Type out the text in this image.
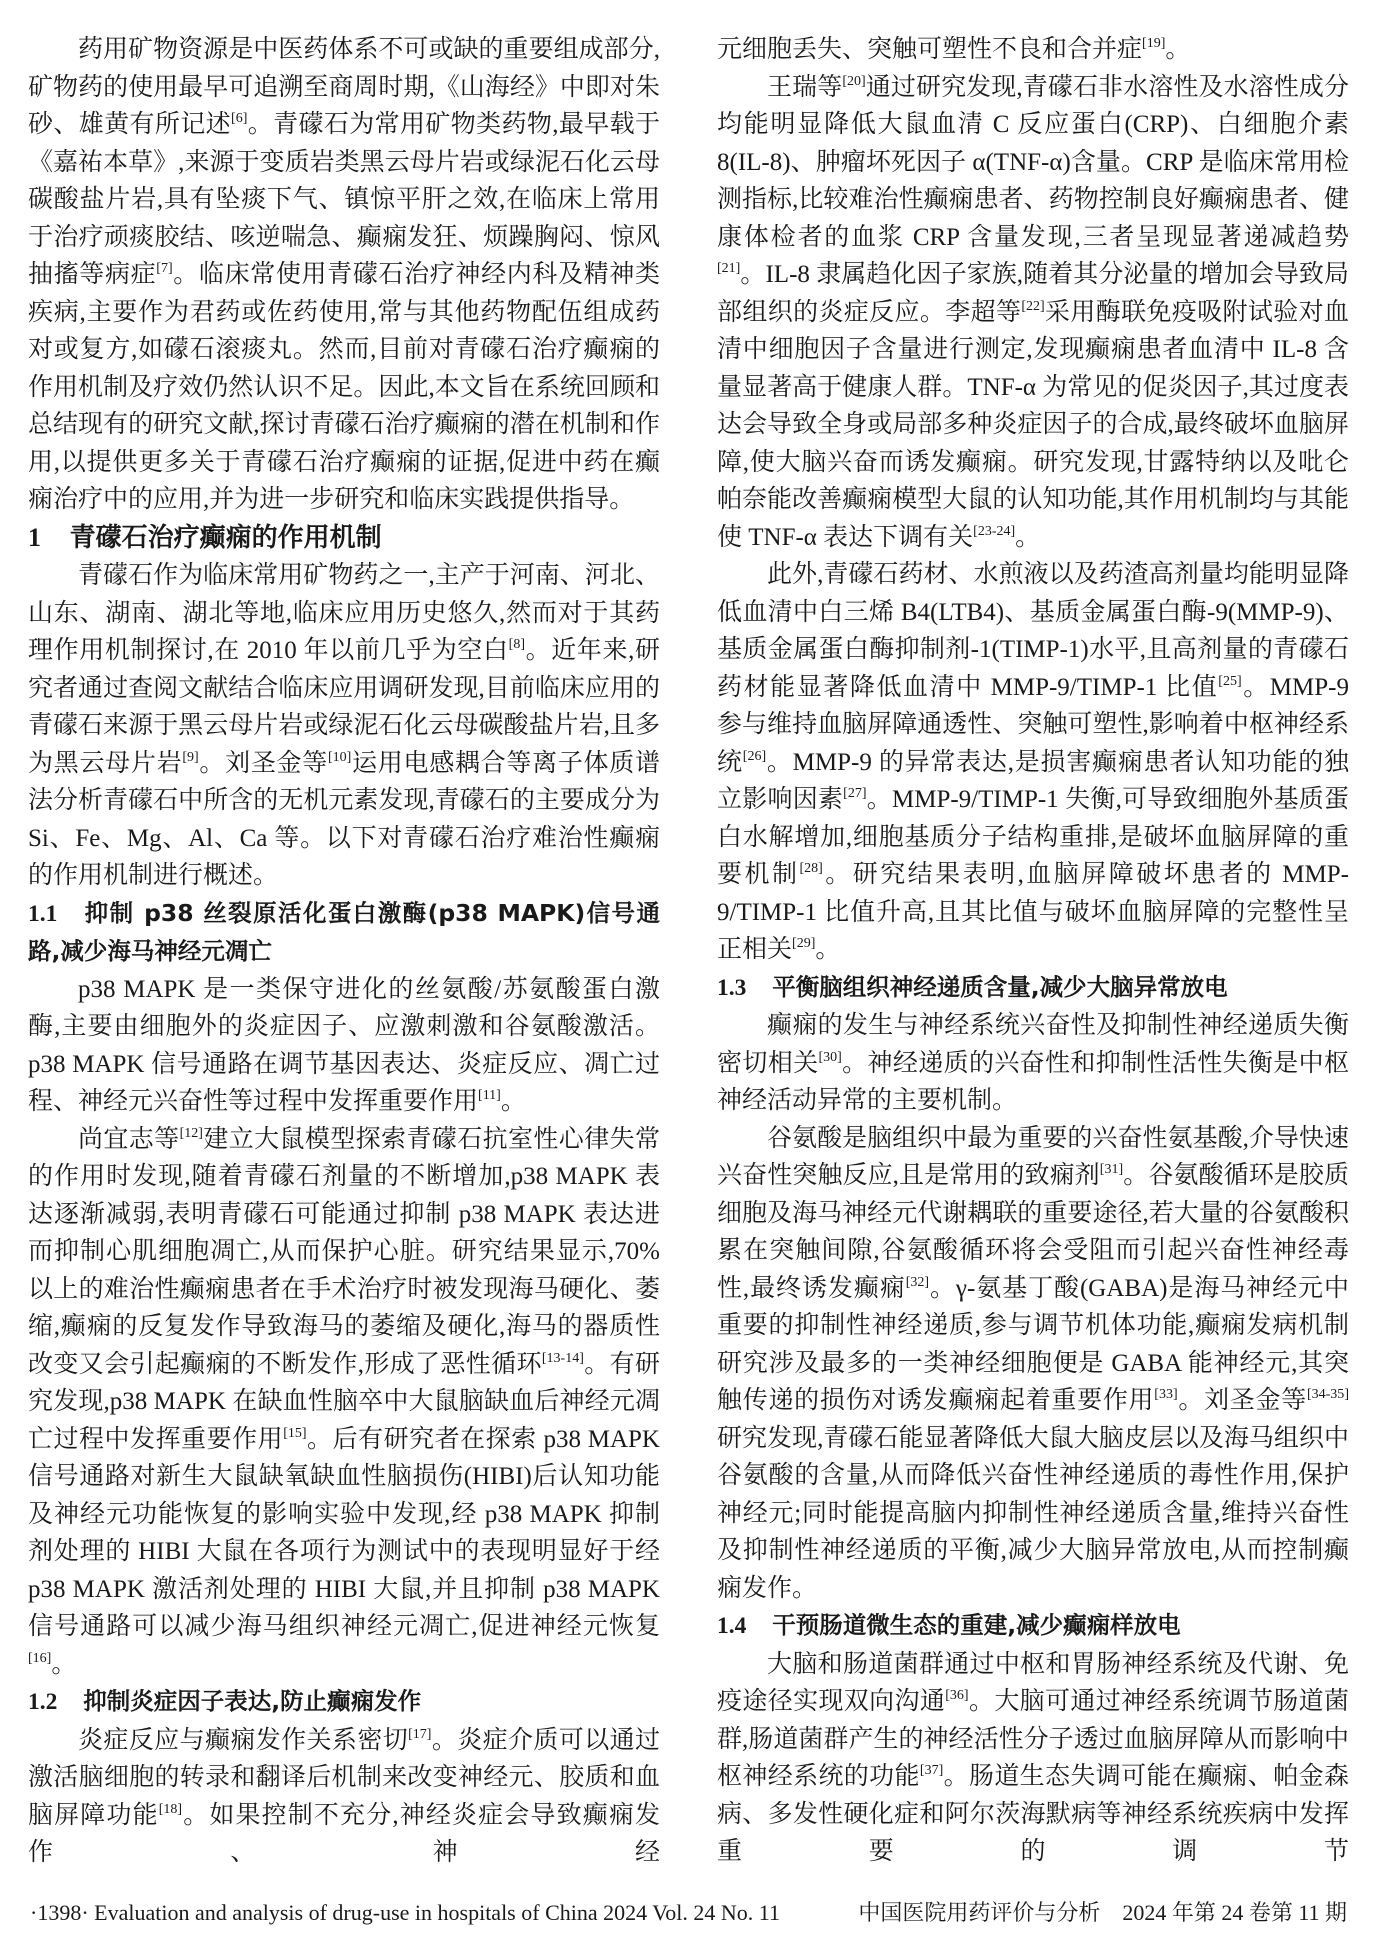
药用矿物资源是中医药体系不可或缺的重要组成部分,矿物药的使用最早可追溯至商周时期,《山海经》中即对朱砂、雄黄有所记述 [ $^6$ ] 。青礞石为常用矿物类药物,最早载于《嘉祐本草》,来源于变质岩类黑云母片岩或绿泥石化云母碳酸盐片岩,具有坠痰下气、镇惊平肝之效,在临床上常用于治疗顽痰胶结、咳逆喘急、癫痫发狂、烦躁胸闷、惊风抽搐等病症 [ $^7$ ] 。临床常使用青礞石治疗神经内科及精神类疾病,主要作为君药或佐药使用,常与其他药物配伍组成药对或复方,如礞石滚痰丸。然而,目前对青礞石治疗癫痫的作用机制及疗效仍然认识不足。因此,本文旨在系统回顾和总结现有的研究文献,探讨青礞石治疗癫痫的潜在机制和作用,以提供更多关于青礞石治疗癫痫的证据,促进中药在癫痫治疗中的应用,并为进一步研究和临床实践提供指导。

1 青礞石治疗癫痫的作用机制

青礞石作为临床常用矿物药之一,主产于河南、河北、山东、湖南、湖北等地,临床应用历史悠久,然而对于其药理作用机制探讨,在 2010 年以前几乎为空白 [ $^8$ ] 。近年来,研究者通过查阅文献结合临床应用调研发现,目前临床应用的青礞石来源于黑云母片岩或绿泥石化云母碳酸盐片岩,且多为黑云母片岩 [ $^9$ ] 。刘圣金等 [ $^{10}$ ] 运用电感耦合等离子体质谱法分析青礞石中所含的无机元素发现,青礞石的主要成分为 Si、Fe、Mg、Al、Ca 等。以下对青礞石治疗难治性癫痫的作用机制进行概述。

1.1 抑制 p38 丝裂原活化蛋白激酶(p38 MAPK)信号通路,减少海马神经元凋亡

p38 MAPK 是一类保守进化的丝氨酸/苏氨酸蛋白激酶,主要由细胞外的炎症因子、应激刺激和谷氨酸激活。p38 MAPK 信号通路在调节基因表达、炎症反应、凋亡过程、神经元兴奋性等过程中发挥重要作用 [ $^{11}$ ] 。

尚宜志等 [ $^{12}$ ] 建立大鼠模型探索青礞石抗室性心律失常的作用时发现,随着青礞石剂量的不断增加,p38 MAPK 表达逐渐减弱,表明青礞石可能通过抑制 p38 MAPK 表达进而抑制心肌细胞凋亡,从而保护心脏。研究结果显示,70%以上的难治性癫痫患者在手术治疗时被发现海马硬化、萎缩,癫痫的反复发作导致海马的萎缩及硬化,海马的器质性改变又会引起癫痫的不断发作,形成了恶性循环 [ $^{13-14}$ ] 。有研究发现,p38 MAPK 在缺血性脑卒中大鼠脑缺血后神经元凋亡过程中发挥重要作用 [ $^{15}$ ] 。后有研究者在探索 p38 MAPK 信号通路对新生大鼠缺氧缺血性脑损伤(HIBI)后认知功能及神经元功能恢复的影响实验中发现,经 p38 MAPK 抑制剂处理的 HIBI 大鼠在各项行为测试中的表现明显好于经 p38 MAPK 激活剂处理的 HIBI 大鼠,并且抑制 p38 MAPK 信号通路可以减少海马组织神经元凋亡,促进神经元恢复[ $^{16}$ ] 。

1.2 抑制炎症因子表达,防止癫痫发作

炎症反应与癫痫发作关系密切 [ $^{17}$ ] 。炎症介质可以通过激活脑细胞的转录和翻译后机制来改变神经元、胶质和血脑屏障功能 [ $^{18}$ ] 。如果控制不充分,神经炎症会导致癫痫发作、神经

元细胞丢失、突触可塑性不良和合并症 [ $^{19}$ ] 。

王瑞等 [ $^{20}$ ] 通过研究发现,青礞石非水溶性及水溶性成分均能明显降低大鼠血清 C 反应蛋白(CRP)、白细胞介素 8(IL-8)、肿瘤坏死因子 α(TNF-α)含量。CRP 是临床常用检测指标,比较难治性癫痫患者、药物控制良好癫痫患者、健康体检者的血浆 CRP 含量发现,三者呈现显著递减趋势[ $^{21}$ ] 。IL-8 隶属趋化因子家族,随着其分泌量的增加会导致局部组织的炎症反应。李超等 [ $^{22}$ ] 采用酶联免疫吸附试验对血清中细胞因子含量进行测定,发现癫痫患者血清中 IL-8 含量显著高于健康人群。TNF-α 为常见的促炎因子,其过度表达会导致全身或局部多种炎症因子的合成,最终破坏血脑屏障,使大脑兴奋而诱发癫痫。研究发现,甘露特纳以及吡仑帕奈能改善癫痫模型大鼠的认知功能,其作用机制均与其能使 TNF-α 表达下调有关 [ $^{23-24}$ ] 。

此外,青礞石药材、水煎液以及药渣高剂量均能明显降低血清中白三烯 B4(LTB4)、基质金属蛋白酶-9(MMP-9)、基质金属蛋白酶抑制剂-1(TIMP-1)水平,且高剂量的青礞石药材能显著降低血清中 MMP-9/TIMP-1 比值 [ $^{25}$ ] 。MMP-9 参与维持血脑屏障通透性、突触可塑性,影响着中枢神经系统 [ $^{26}$ ] 。MMP-9 的异常表达,是损害癫痫患者认知功能的独立影响因素 [ $^{27}$ ] 。MMP-9/TIMP-1 失衡,可导致细胞外基质蛋白水解增加,细胞基质分子结构重排,是破坏血脑屏障的重要机制 [ $^{28}$ ] 。研究结果表明,血脑屏障破坏患者的 MMP-9/TIMP-1 比值升高,且其比值与破坏血脑屏障的完整性呈正相关 [ $^{29}$ ] 。

1.3 平衡脑组织神经递质含量,减少大脑异常放电

癫痫的发生与神经系统兴奋性及抑制性神经递质失衡密切相关 [ $^{30}$ ] 。神经递质的兴奋性和抑制性活性失衡是中枢神经活动异常的主要机制。

谷氨酸是脑组织中最为重要的兴奋性氨基酸,介导快速兴奋性突触反应,且是常用的致痫剂 [ $^{31}$ ] 。谷氨酸循环是胶质细胞及海马神经元代谢耦联的重要途径,若大量的谷氨酸积累在突触间隙,谷氨酸循环将会受阻而引起兴奋性神经毒性,最终诱发癫痫 [ $^{32}$ ] 。γ-氨基丁酸(GABA)是海马神经元中重要的抑制性神经递质,参与调节机体功能,癫痫发病机制研究涉及最多的一类神经细胞便是 GABA 能神经元,其突触传递的损伤对诱发癫痫起着重要作用 [ $^{33}$ ] 。刘圣金等 [ $^{34-35}$ ]研究发现,青礞石能显著降低大鼠大脑皮层以及海马组织中谷氨酸的含量,从而降低兴奋性神经递质的毒性作用,保护神经元;同时能提高脑内抑制性神经递质含量,维持兴奋性及抑制性神经递质的平衡,减少大脑异常放电,从而控制癫痫发作。

1.4 干预肠道微生态的重建,减少癫痫样放电

大脑和肠道菌群通过中枢和胃肠神经系统及代谢、免疫途径实现双向沟通 [ $^{36}$ ] 。大脑可通过神经系统调节肠道菌群,肠道菌群产生的神经活性分子透过血脑屏障从而影响中枢神经系统的功能 [ $^{37}$ ] 。肠道生态失调可能在癫痫、帕金森病、多发性硬化症和阿尔茨海默病等神经系统疾病中发挥重要的调节

·1398· Evaluation and analysis of drug-use in hospitals of China 2024 Vol. 24 No. 11	中国医院用药评价与分析　2024 年第 24 卷第 11 期
